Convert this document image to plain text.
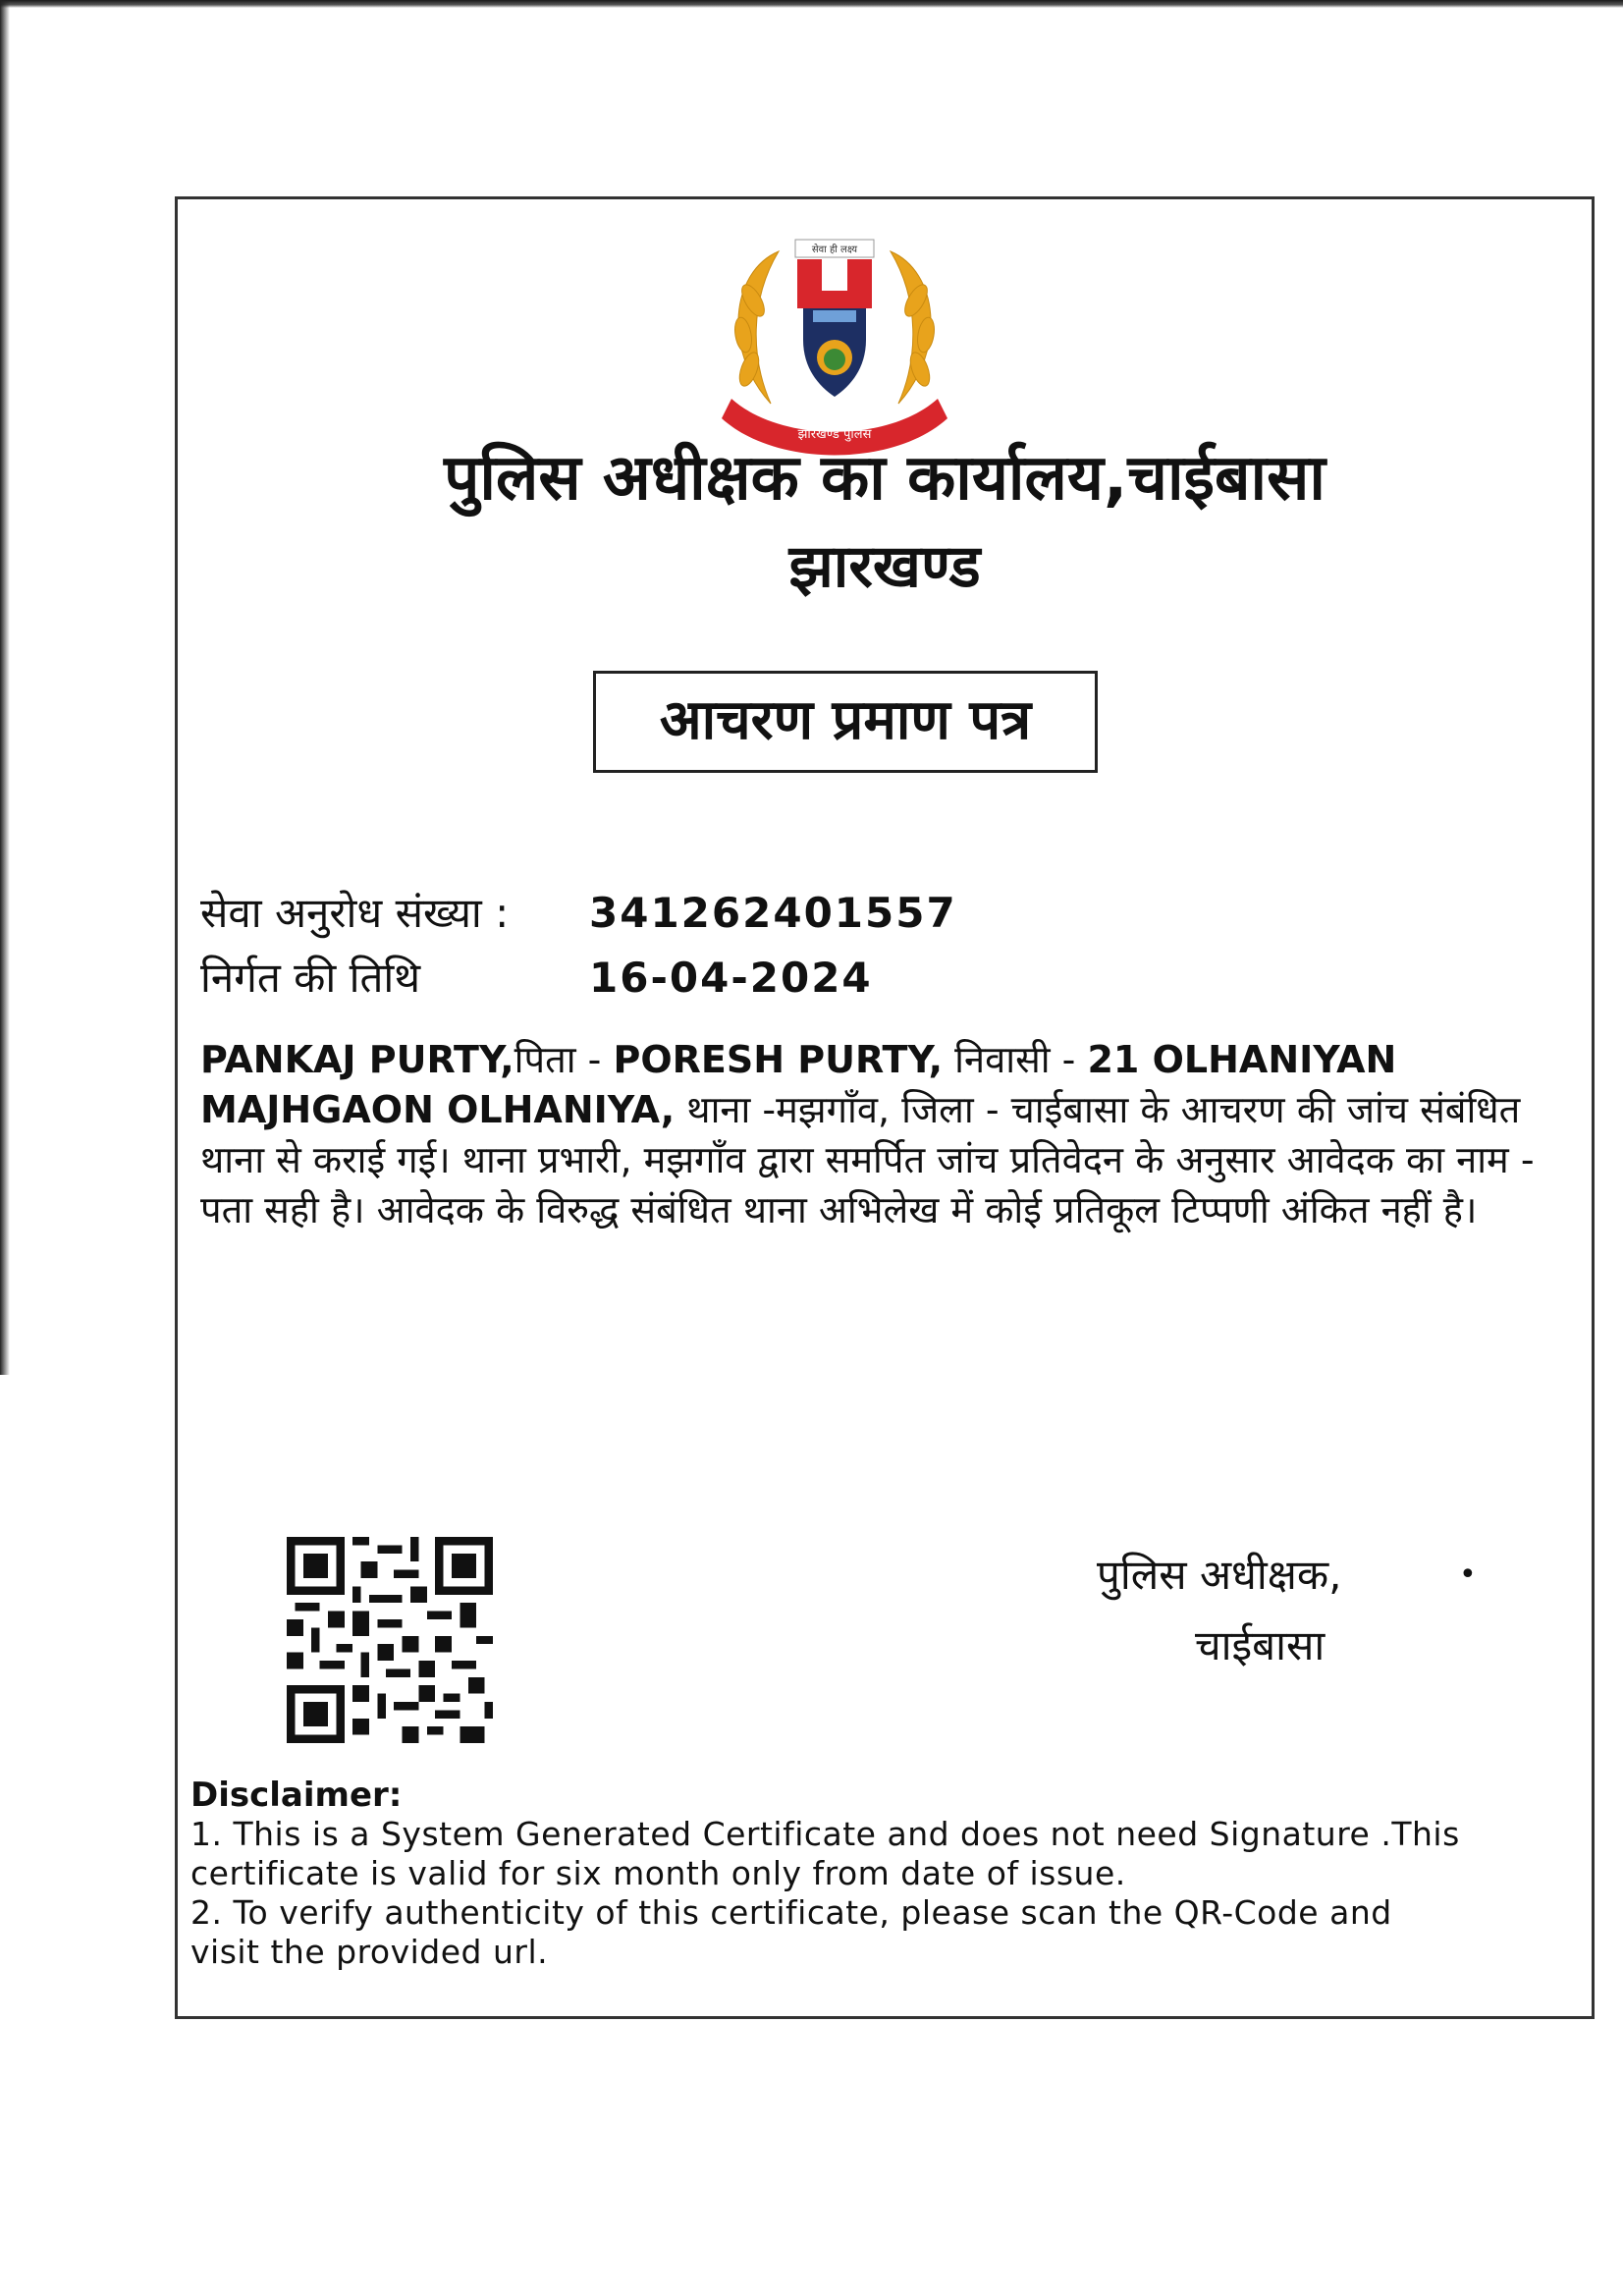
सेवा ही लक्ष्य
झारखण्ड पुलिस
पुलिस अधीक्षक का कार्यालय,चाईबासा
झारखण्ड
आचरण प्रमाण पत्र
सेवा अनुरोध संख्या : 341262401557
निर्गत की तिथि	16-04-2024
PANKAJ PURTY,पिता - PORESH PURTY, निवासी - 21 OLHANIYAN MAJHGAON OLHANIYA, थाना -मझगाँव, जिला - चाईबासा के आचरण की जांच संबंधित थाना से कराई गई। थाना प्रभारी, मझगाँव द्वारा समर्पित जांच प्रतिवेदन के अनुसार आवेदक का नाम - पता सही है। आवेदक के विरुद्ध संबंधित थाना अभिलेख में कोई प्रतिकूल टिप्पणी अंकित नहीं है।
पुलिस अधीक्षक,	•
चाईबासा
Disclaimer:
1. This is a System Generated Certificate and does not need Signature .This certificate is valid for six month only from date of issue.
2. To verify authenticity of this certificate, please scan the QR-Code and visit the provided url.
